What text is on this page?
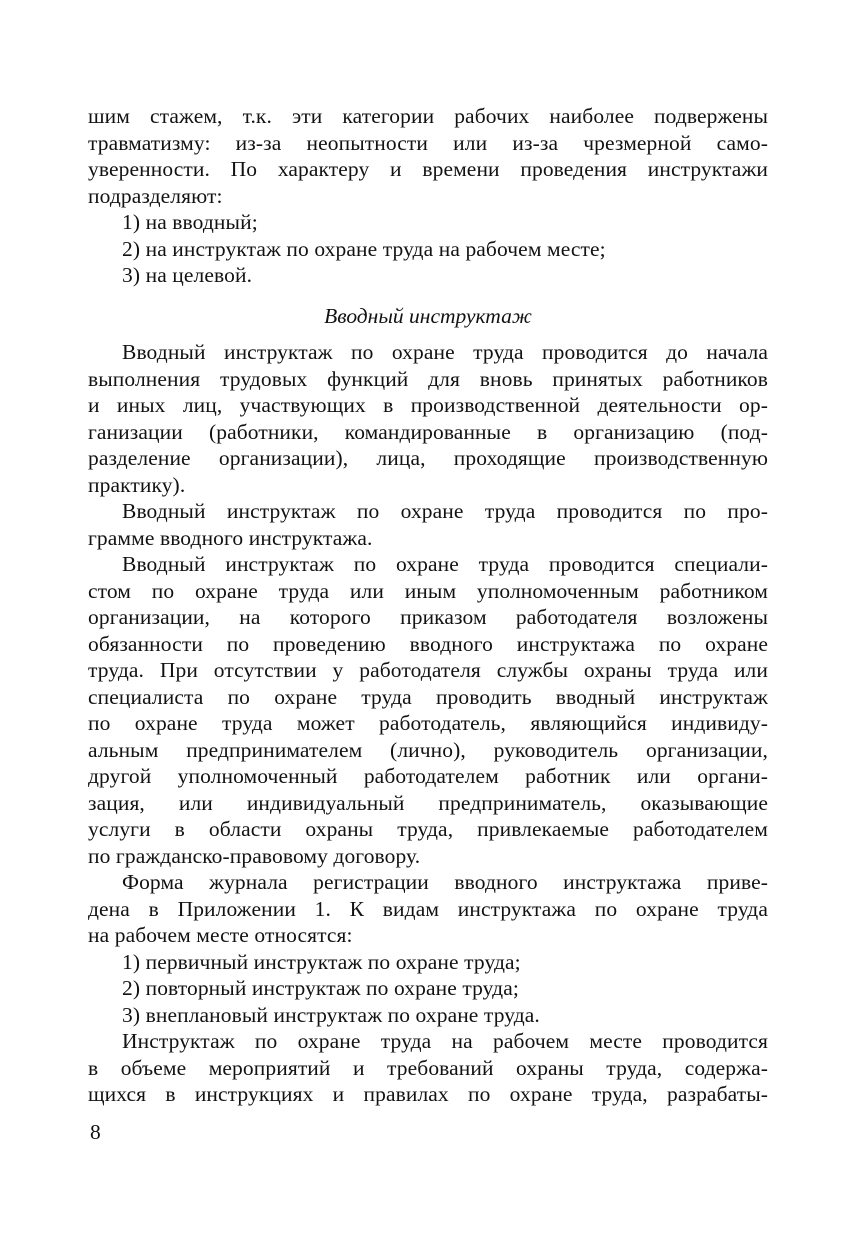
шим стажем, т.к. эти категории рабочих наиболее подвержены

травматизму: из-за неопытности или из-за чрезмерной само-

уверенности. По характеру и времени проведения инструктажи

подразделяют:

1) на вводный;

2) на инструктаж по охране труда на рабочем месте;

3) на целевой.

Вводный инструктаж

Вводный инструктаж по охране труда проводится до начала

выполнения трудовых функций для вновь принятых работников

и иных лиц, участвующих в производственной деятельности ор-

ганизации (работники, командированные в организацию (под-

разделение организации), лица, проходящие производственную

практику).

Вводный инструктаж по охране труда проводится по про-

грамме вводного инструктажа.

Вводный инструктаж по охране труда проводится специали-

стом по охране труда или иным уполномоченным работником

организации, на которого приказом работодателя возложены

обязанности по проведению вводного инструктажа по охране

труда. При отсутствии у работодателя службы охраны труда или

специалиста по охране труда проводить вводный инструктаж

по охране труда может работодатель, являющийся индивиду-

альным предпринимателем (лично), руководитель организации,

другой уполномоченный работодателем работник или органи-

зация, или индивидуальный предприниматель, оказывающие

услуги в области охраны труда, привлекаемые работодателем

по гражданско-правовому договору.

Форма журнала регистрации вводного инструктажа приве-

дена в Приложении 1. К видам инструктажа по охране труда

на рабочем месте относятся:

1) первичный инструктаж по охране труда;

2) повторный инструктаж по охране труда;

3) внеплановый инструктаж по охране труда.

Инструктаж по охране труда на рабочем месте проводится

в объеме мероприятий и требований охраны труда, содержа-

щихся в инструкциях и правилах по охране труда, разрабаты-

8
